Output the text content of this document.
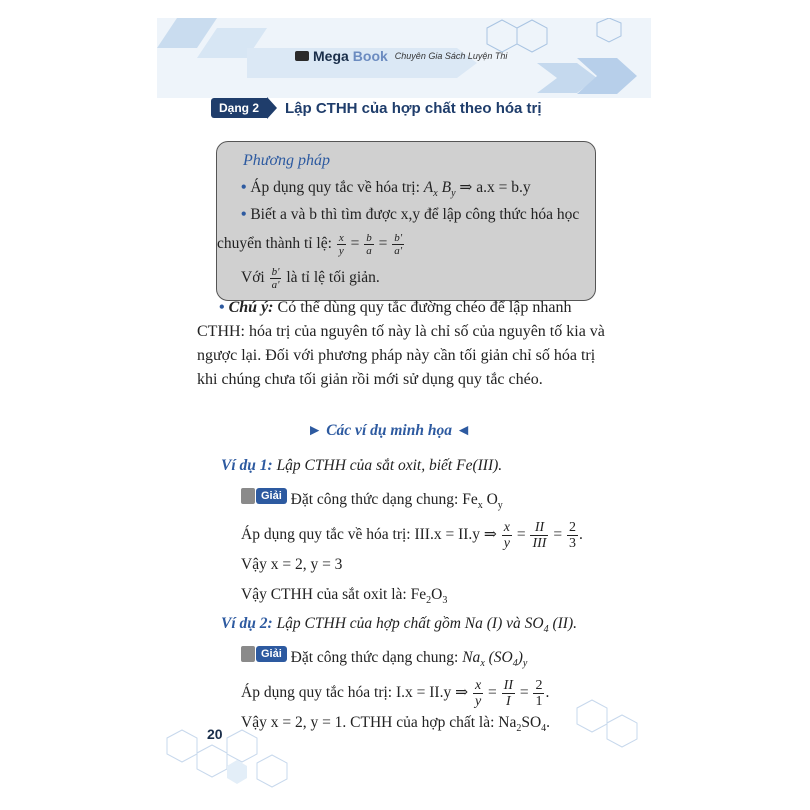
Mega Book Chuyên Gia Sách Luyện Thi
Dạng 2	Lập CTHH của hợp chất theo hóa trị
Phương pháp
• Áp dụng quy tắc về hóa trị: $A_x$ $B_y$ ⇒ a.x = b.y
• Biết a và b thì tìm được x,y để lập công thức hóa học
chuyển thành tỉ lệ: $\frac{x}{y} = \frac{b}{a} = \frac{b'}{a'}$
Với $\frac{b'}{a'}$ là tỉ lệ tối giản.
• Chú ý: Có thể dùng quy tắc đường chéo để lập nhanh CTHH: hóa trị của nguyên tố này là chỉ số của nguyên tố kia và ngược lại. Đối với phương pháp này cần tối giản chỉ số hóa trị khi chúng chưa tối giản rồi mới sử dụng quy tắc chéo.
► Các ví dụ minh họa ◄
Ví dụ 1: Lập CTHH của sắt oxit, biết Fe(III).
Giải Đặt công thức dạng chung: $Fe_x$ $O_y$
Áp dụng quy tắc về hóa trị: III.x = II.y ⇒ $\frac{x}{y} = \frac{II}{\text{III}} = \frac{2}{3}$ .
Vậy x = 2, y = 3
Vậy CTHH của sắt oxit là: $Fe_2O_3$
Ví dụ 2: Lập CTHH của hợp chất gồm Na (I) và $SO_4$ (II).
Giải Đặt công thức dạng chung: $Na_x$ $(SO_4)_y$
Áp dụng quy tắc hóa trị: I.x = II.y ⇒ $\frac{x}{y} = \frac{II}{I} = \frac{2}{1}$ .
Vậy x = 2, y = 1. CTHH của hợp chất là: $Na_2SO_4$.
20
